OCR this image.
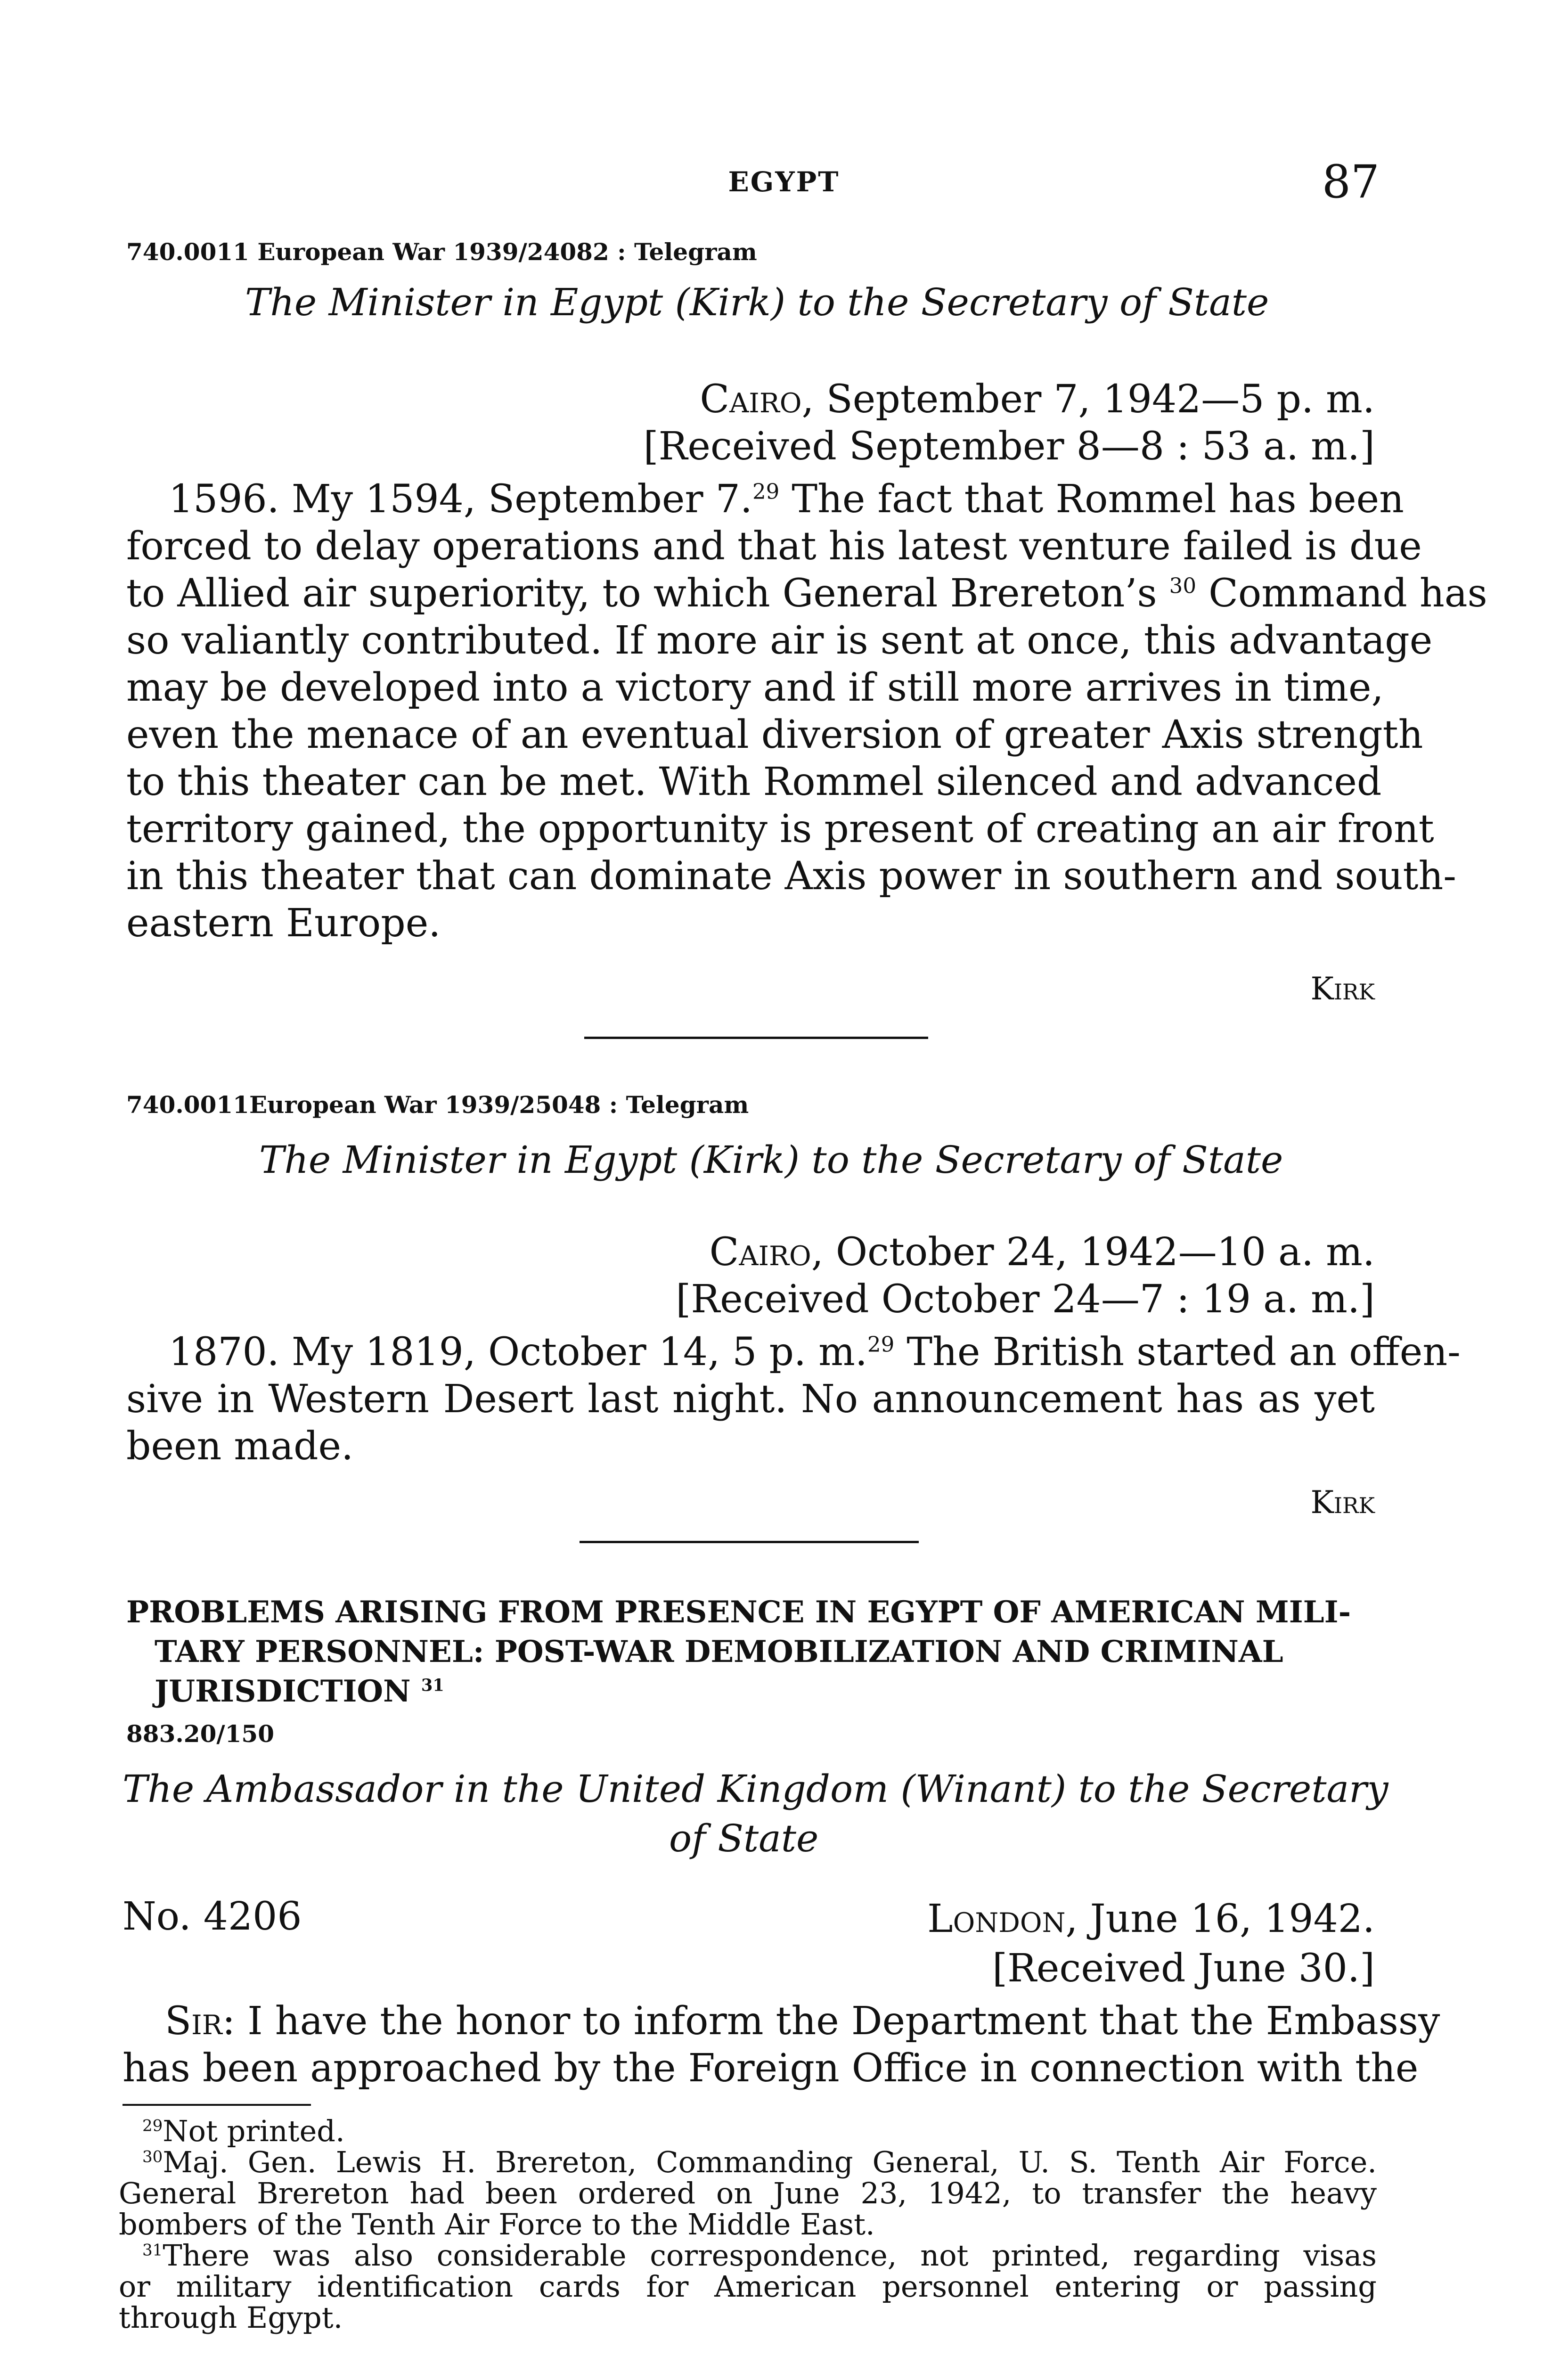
EGYPT	87
740.0011 European War 1939/24082 : Telegram
The Minister in Egypt (Kirk) to the Secretary of State
Cairo, September 7, 1942—5 p. m.
[Received September 8—8 : 53 a. m.]
1596. My 1594, September 7.29 The fact that Rommel has been
forced to delay operations and that his latest venture failed is due
to Allied air superiority, to which General Brereton’s $^{30}$ Command has
so valiantly contributed. If more air is sent at once, this advantage
may be developed into a victory and if still more arrives in time,
even the menace of an eventual diversion of greater Axis strength
to this theater can be met. With Rommel silenced and advanced
territory gained, the opportunity is present of creating an air front
in this theater that can dominate Axis power in southern and south-
eastern Europe.
Kirk
740.0011European War 1939/25048 : Telegram
The Minister in Egypt (Kirk) to the Secretary of State
Cairo, October 24, 1942—10 a. m.
[Received October 24—7 : 19 a. m.]
1870. My 1819, October 14, 5 p. m.$^{29}$ The British started an offen-
sive in Western Desert last night. No announcement has as yet
been made.
Kirk
PROBLEMS ARISING FROM PRESENCE IN EGYPT OF AMERICAN MILI-
TARY PERSONNEL: POST-WAR DEMOBILIZATION AND CRIMINAL
JURISDICTION $^{31}$
883.20/150
The Ambassador in the United Kingdom (Winant) to the Secretary
of State
No. 4206	London, June 16, 1942.
[Received June 30.]
Sir: I have the honor to inform the Department that the Embassy
has been approached by the Foreign Office in connection with the
$^{29}$Not printed.
$^{30}$Maj. Gen. Lewis H. Brereton, Commanding General, U. S. Tenth Air Force.
General Brereton had been ordered on June 23, 1942, to transfer the heavy
bombers of the Tenth Air Force to the Middle East.
$^{31}$There was also considerable correspondence, not printed, regarding visas
or military identification cards for American personnel entering or passing
through Egypt.
